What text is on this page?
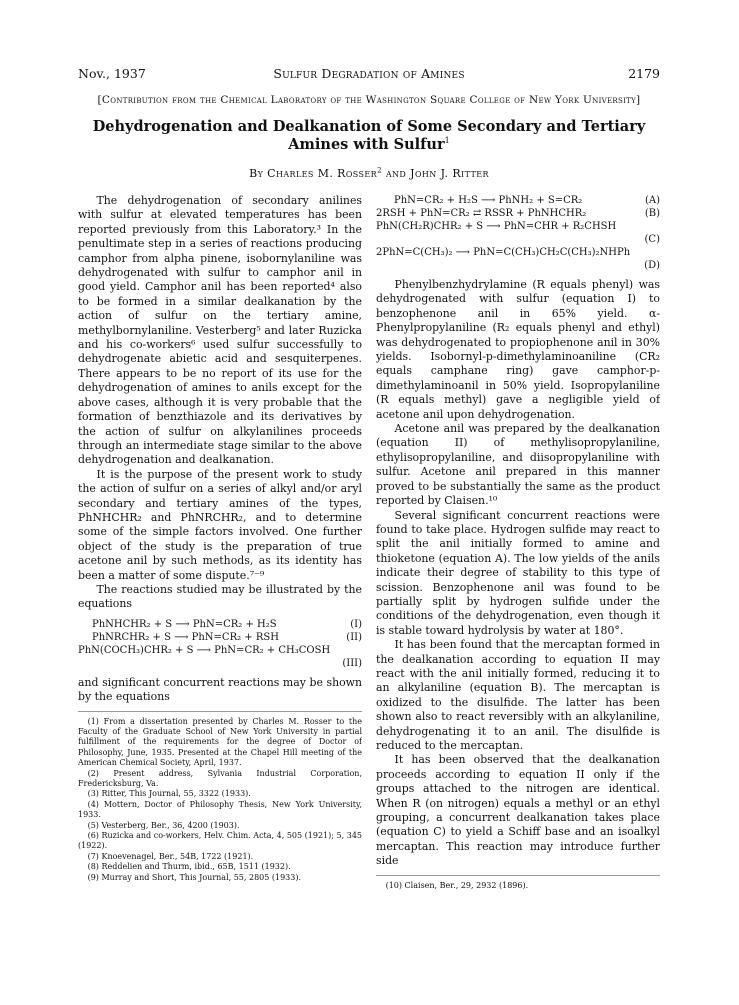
Nov., 1937	Sulfur Degradation of Amines	2179
[Contribution from the Chemical Laboratory of the Washington Square College of New York University]
Dehydrogenation and Dealkanation of Some Secondary and Tertiary Amines with Sulfur$^1$
By Charles M. Rosser$^2$ and John J. Ritter

The dehydrogenation of secondary anilines with sulfur at elevated temperatures has been reported previously from this Laboratory.³ In the penultimate step in a series of reactions producing camphor from alpha pinene, isobornylaniline was dehydrogenated with sulfur to camphor anil in good yield. Camphor anil has been reported⁴ also to be formed in a similar dealkanation by the action of sulfur on the tertiary amine, methylbornylaniline. Vesterberg⁵ and later Ruzicka and his co-workers⁶ used sulfur successfully to dehydrogenate abietic acid and sesquiterpenes. There appears to be no report of its use for the dehydrogenation of amines to anils except for the above cases, although it is very probable that the formation of benzthiazole and its derivatives by the action of sulfur on alkylanilines proceeds through an intermediate stage similar to the above dehydrogenation and dealkanation.

It is the purpose of the present work to study the action of sulfur on a series of alkyl and/or aryl secondary and tertiary amines of the types, PhNHCHR₂ and PhNRCHR₂, and to determine some of the simple factors involved. One further object of the study is the preparation of true acetone anil by such methods, as its identity has been a matter of some dispute.⁷⁻⁹

The reactions studied may be illustrated by the equations

PhNHCHR₂ + S ⟶ PhN=CR₂ + H₂S	(I)
PhNRCHR₂ + S ⟶ PhN=CR₂ + RSH	(II)
PhN(COCH₃)CHR₂ + S ⟶ PhN=CR₂ + CH₃COSH
(III)

and significant concurrent reactions may be shown by the equations

(1) From a dissertation presented by Charles M. Rosser to the Faculty of the Graduate School of New York University in partial fulfillment of the requirements for the degree of Doctor of Philosophy, June, 1935. Presented at the Chapel Hill meeting of the American Chemical Society, April, 1937.

(2) Present address, Sylvania Industrial Corporation, Fredericksburg, Va.

(3) Ritter, This Journal, 55, 3322 (1933).

(4) Mottern, Doctor of Philosophy Thesis, New York University, 1933.

(5) Vesterberg, Ber., 36, 4200 (1903).

(6) Ruzicka and co-workers, Helv. Chim. Acta, 4, 505 (1921); 5, 345 (1922).

(7) Knoevenagel, Ber., 54B, 1722 (1921).

(8) Reddelien and Thurm, ibid., 65B, 1511 (1932).

(9) Murray and Short, This Journal, 55, 2805 (1933).

PhN=CR₂ + H₂S ⟶ PhNH₂ + S=CR₂	(A)
2RSH + PhN=CR₂ ⇄ RSSR + PhNHCHR₂	(B)
PhN(CH₂R)CHR₂ + S ⟶ PhN=CHR + R₂CHSH
(C)
2PhN=C(CH₃)₂ ⟶ PhN=C(CH₃)CH₂C(CH₃)₂NHPh
(D)

Phenylbenzhydrylamine (R equals phenyl) was dehydrogenated with sulfur (equation I) to benzophenone anil in 65% yield. α-Phenylpropylaniline (R₂ equals phenyl and ethyl) was dehydrogenated to propiophenone anil in 30% yields. Isobornyl-p-dimethylaminoaniline (CR₂ equals camphane ring) gave camphor-p-dimethylaminoanil in 50% yield. Isopropylaniline (R equals methyl) gave a negligible yield of acetone anil upon dehydrogenation.

Acetone anil was prepared by the dealkanation (equation II) of methylisopropylaniline, ethylisopropylaniline, and diisopropylaniline with sulfur. Acetone anil prepared in this manner proved to be substantially the same as the product reported by Claisen.¹⁰

Several significant concurrent reactions were found to take place. Hydrogen sulfide may react to split the anil initially formed to amine and thioketone (equation A). The low yields of the anils indicate their degree of stability to this type of scission. Benzophenone anil was found to be partially split by hydrogen sulfide under the conditions of the dehydrogenation, even though it is stable toward hydrolysis by water at 180°.

It has been found that the mercaptan formed in the dealkanation according to equation II may react with the anil initially formed, reducing it to an alkylaniline (equation B). The mercaptan is oxidized to the disulfide. The latter has been shown also to react reversibly with an alkylaniline, dehydrogenating it to an anil. The disulfide is reduced to the mercaptan.

It has been observed that the dealkanation proceeds according to equation II only if the groups attached to the nitrogen are identical. When R (on nitrogen) equals a methyl or an ethyl grouping, a concurrent dealkanation takes place (equation C) to yield a Schiff base and an isoalkyl mercaptan. This reaction may introduce further side

(10) Claisen, Ber., 29, 2932 (1896).
